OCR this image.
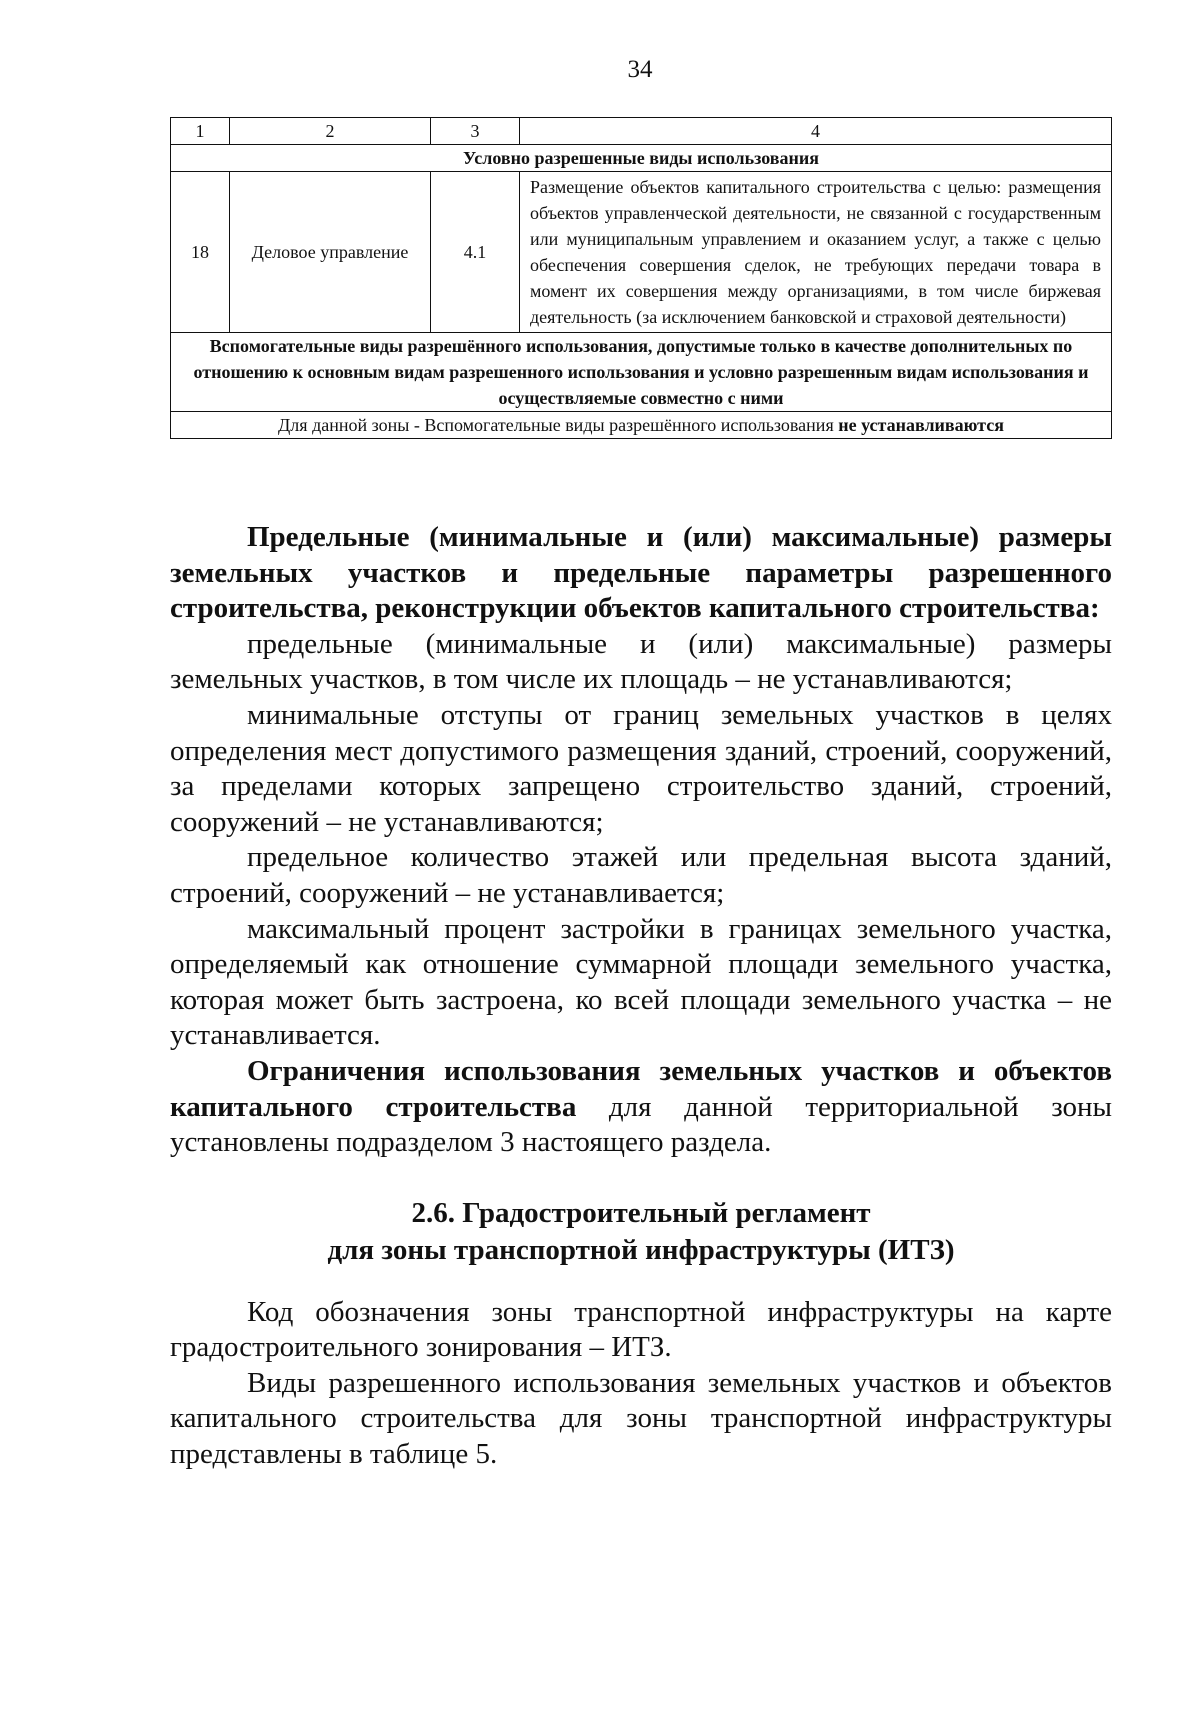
34
1	2	3	4
Условно разрешенные виды использования			
18	Деловое управление	4.1	Размещение объектов капитального строительства с целью: размещения объектов управленческой деятельности, не связанной с государственным или муниципальным управлением и оказанием услуг, а также с целью обеспечения совершения сделок, не требующих передачи товара в момент их совершения между организациями, в том числе биржевая деятельность (за исключением банковской и страховой деятельности)
Вспомогательные виды разрешённого использования, допустимые только в качестве дополнительных по отношению к основным видам разрешенного использования и условно разрешенным видам использования и осуществляемые совместно с ними			
Для данной зоны - Вспомогательные виды разрешённого использования не устанавливаются			

Предельные (минимальные и (или) максимальные) размеры земельных участков и предельные параметры разрешенного строительства, реконструкции объектов капитального строительства:

предельные (минимальные и (или) максимальные) размеры земельных участков, в том числе их площадь – не устанавливаются;

минимальные отступы от границ земельных участков в целях определения мест допустимого размещения зданий, строений, сооружений, за пределами которых запрещено строительство зданий, строений, сооружений – не устанавливаются;

предельное количество этажей или предельная высота зданий, строений, сооружений – не устанавливается;

максимальный процент застройки в границах земельного участка, определяемый как отношение суммарной площади земельного участка, которая может быть застроена, ко всей площади земельного участка – не устанавливается.

Ограничения использования земельных участков и объектов капитального строительства для данной территориальной зоны установлены подразделом 3 настоящего раздела.

2.6. Градостроительный регламент

для зоны транспортной инфраструктуры (ИТЗ)

Код обозначения зоны транспортной инфраструктуры на карте градостроительного зонирования – ИТЗ.

Виды разрешенного использования земельных участков и объектов капитального строительства для зоны транспортной инфраструктуры представлены в таблице 5.
